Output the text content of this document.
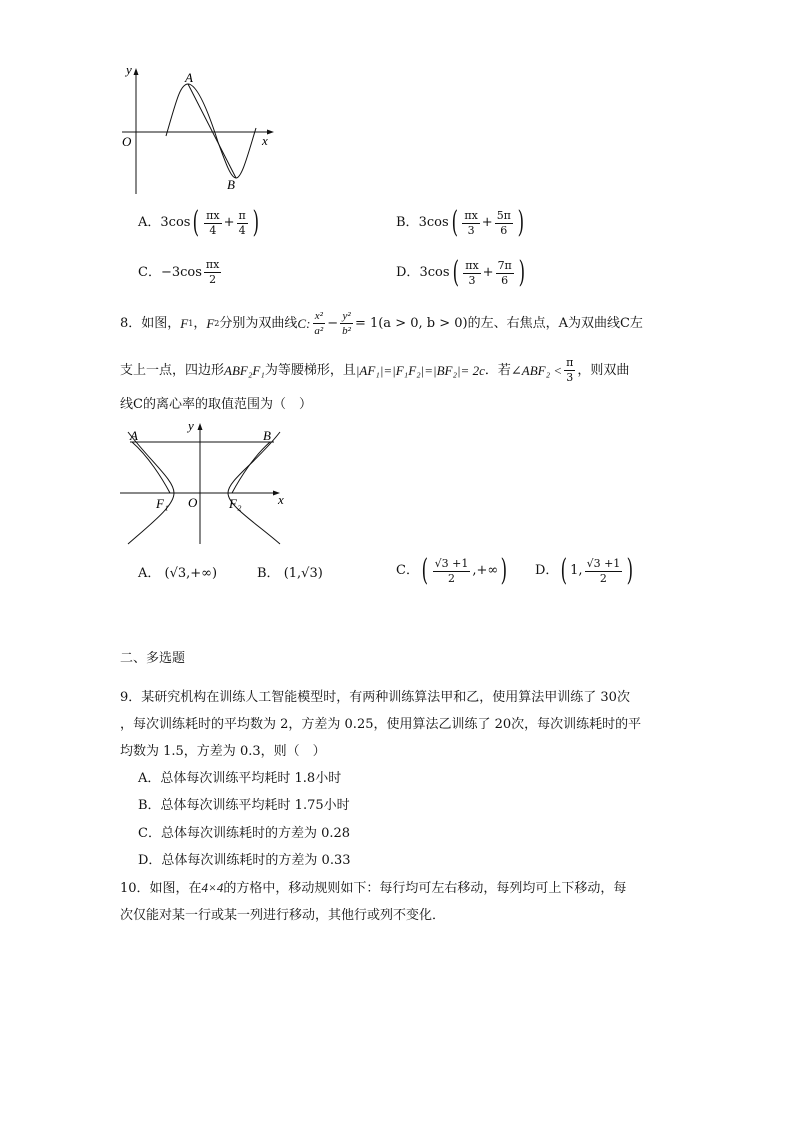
y
x
O
A
B
A． 3cos ( $\frac{\pi x}{4} + \frac{\pi}{4}$ )	B． 3cos ( $\frac{\pi x}{3} + \frac{5\pi}{6}$ )
C． $-3\cos \frac{\pi x}{2}$	D． 3cos ( $\frac{\pi x}{3} + \frac{7\pi}{6}$ )
8．如图， F 1 ， F 2 分别为双曲线 C: $\frac{\text{x²}}{\text{a²}} - \frac{\text{y²}}{\text{b²}} = 1(a > 0$, b > 0) 的左、右焦点，A为双曲线C左
支上一点，四边形 ABF₂F₁ 为等腰梯形，且 |AF₁|=|F₁F₂|=|BF₂|= 2c ．若 ∠ABF₂ < $\frac{\pi}{3}$ ，则双曲
线C的离心率的取值范围为（　）
y
x
O
A	B
F₁	F₂
A．
(√3,+∞)	B．
(1,√3)	C． ( $\frac{√3 +1}{2}$ ,+∞ ) D． ( 1, $\frac{√3 +1}{2}$ )
二、多选题
9．某研究机构在训练人工智能模型时，有两种训练算法甲和乙，使用算法甲训练了 30次
，每次训练耗时的平均数为 2，方差为 0.25，使用算法乙训练了 20次，每次训练耗时的平
均数为 1.5，方差为 0.3，则（　）
A．总体每次训练平均耗时 1.8小时
B．总体每次训练平均耗时 1.75小时
C．总体每次训练耗时的方差为 0.28
D．总体每次训练耗时的方差为 0.33
10．如图，在4×4的方格中，移动规则如下：每行均可左右移动，每列均可上下移动，每
次仅能对某一行或某一列进行移动，其他行或列不变化．
